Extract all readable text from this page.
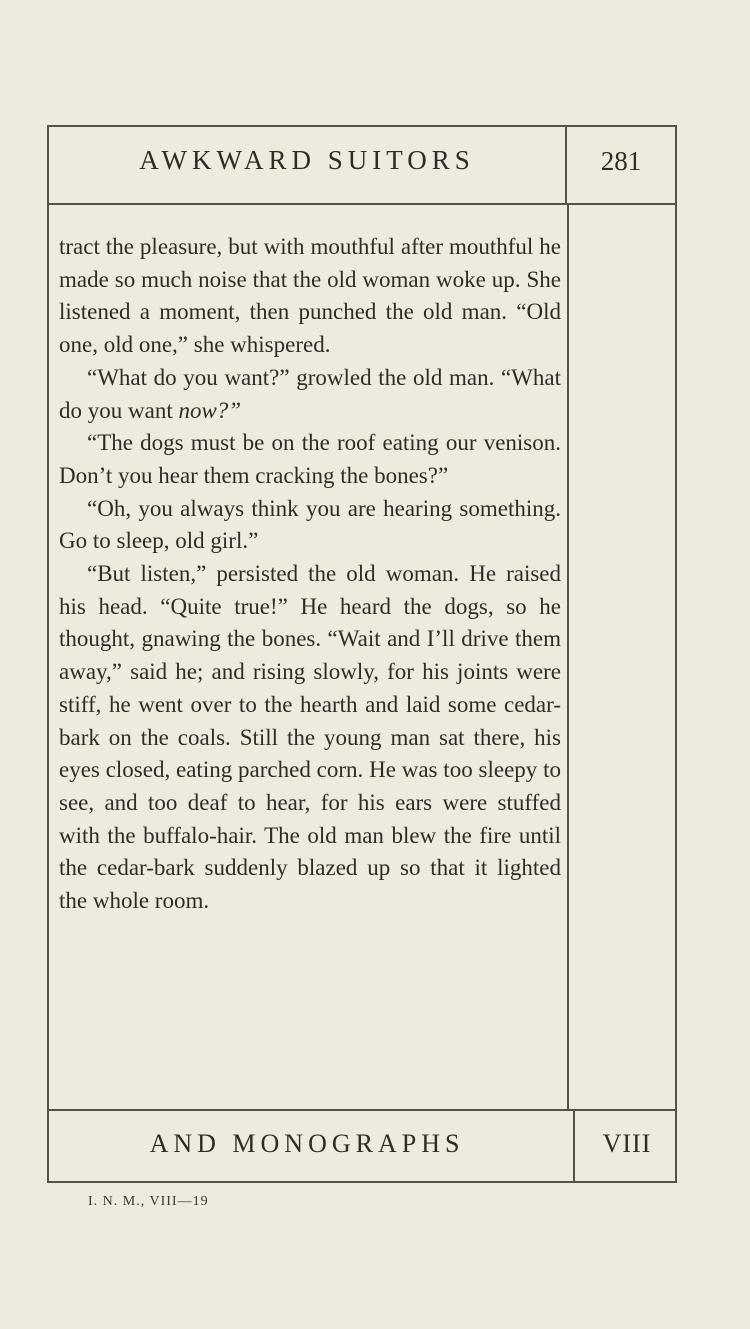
AWKWARD SUITORS	281

tract the pleasure, but with mouthful after mouthful he made so much noise that the old woman woke up. She listened a moment, then punched the old man. “Old one, old one,” she whispered.

“What do you want?” growled the old man. “What do you want now?”

“The dogs must be on the roof eating our venison. Don’t you hear them cracking the bones?”

“Oh, you always think you are hearing something. Go to sleep, old girl.”

“But listen,” persisted the old woman. He raised his head. “Quite true!” He heard the dogs, so he thought, gnawing the bones. “Wait and I’ll drive them away,” said he; and rising slowly, for his joints were stiff, he went over to the hearth and laid some cedar-bark on the coals. Still the young man sat there, his eyes closed, eating parched corn. He was too sleepy to see, and too deaf to hear, for his ears were stuffed with the buffalo-hair. The old man blew the fire until the cedar-bark suddenly blazed up so that it lighted the whole room.

AND MONOGRAPHS	VIII
I. N. M., VIII—19
